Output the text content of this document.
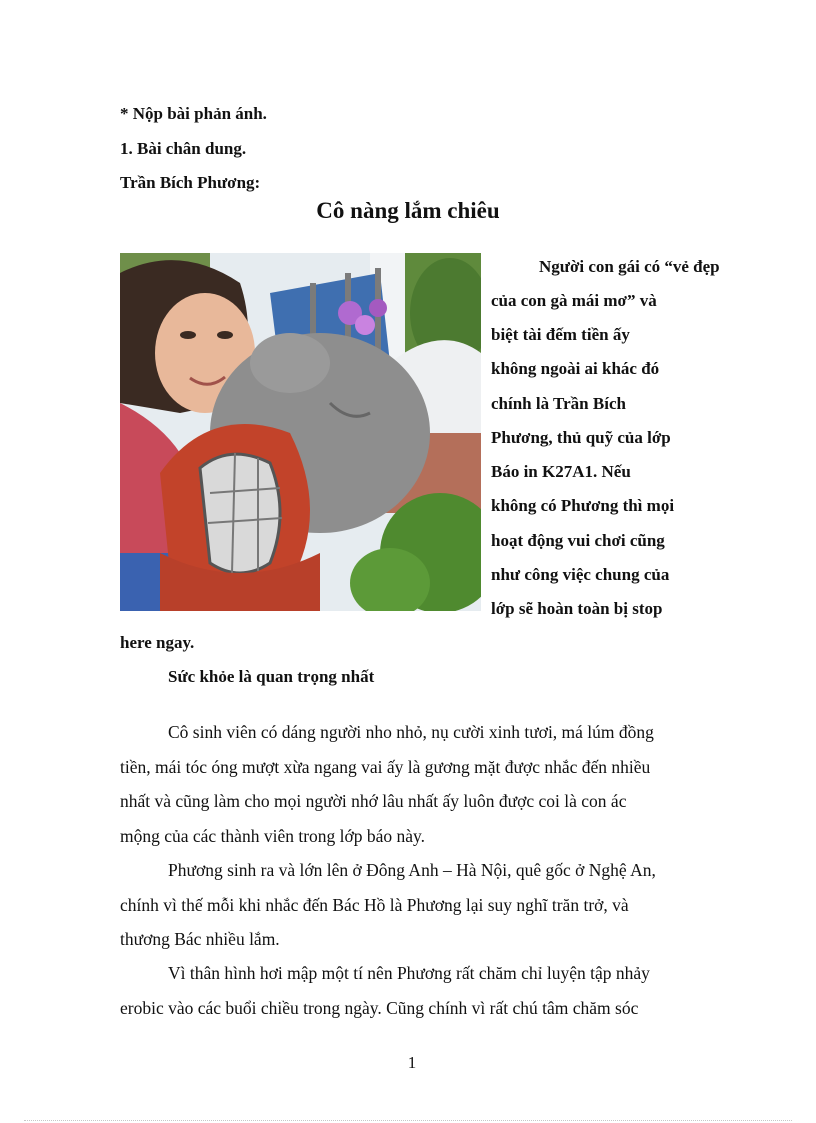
* Nộp bài phản ánh.
1. Bài chân dung.
Trần Bích Phương:
Cô nàng lắm chiêu
Người con gái có “vẻ đẹp
của con gà mái mơ” và
biệt tài đếm tiền ấy
không ngoài ai khác đó
chính là Trần Bích
Phương, thủ quỹ của lớp
Báo in K27A1. Nếu
không có Phương thì mọi
hoạt động vui chơi cũng
như công việc chung của
lớp sẽ hoàn toàn bị stop
here ngay.
Sức khỏe là quan trọng nhất
Cô sinh viên có dáng người nho nhỏ, nụ cười xinh tươi, má lúm đồng
tiền, mái tóc óng mượt xừa ngang vai ấy là gương mặt được nhắc đến nhiều
nhất và cũng làm cho mọi người nhớ lâu nhất ấy luôn được coi là con ác
mộng của các thành viên trong lớp báo này.
Phương sinh ra và lớn lên ở Đông Anh – Hà Nội, quê gốc ở Nghệ An,
chính vì thế mỗi khi nhắc đến Bác Hồ là Phương lại suy nghĩ trăn trở, và
thương Bác nhiều lắm.
Vì thân hình hơi mập một tí nên Phương rất chăm chỉ luyện tập nhảy
erobic vào các buổi chiều trong ngày. Cũng chính vì rất chú tâm chăm sóc
1
